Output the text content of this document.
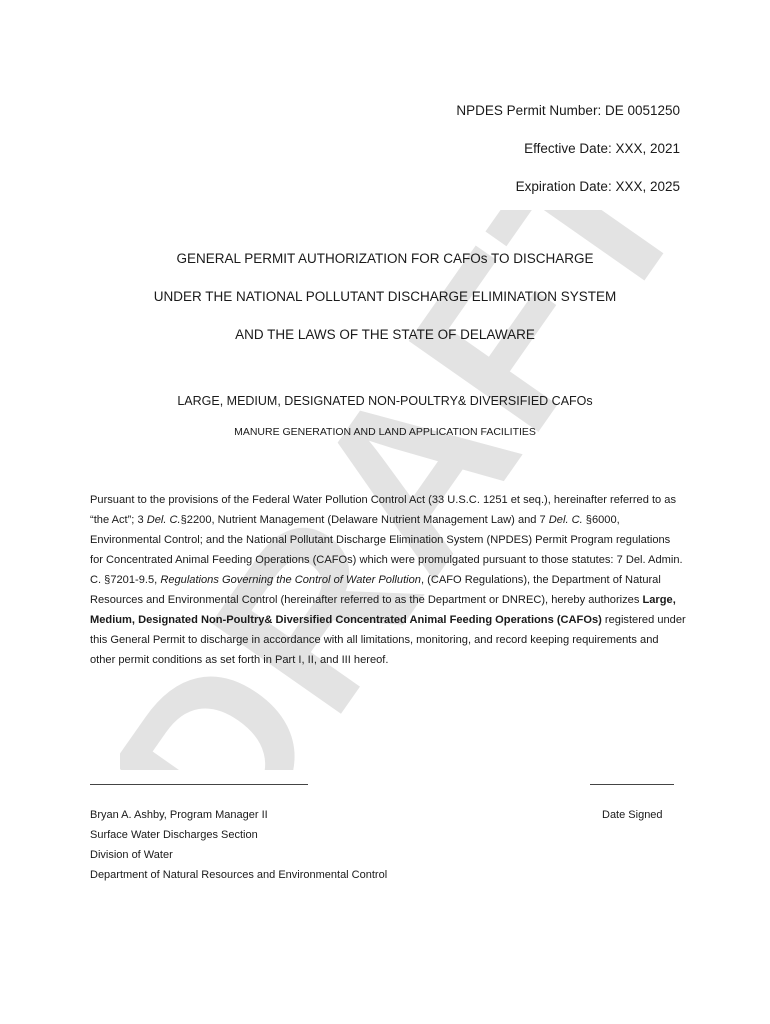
DRAFT
NPDES Permit Number: DE 0051250
Effective Date: XXX, 2021
Expiration Date: XXX, 2025
GENERAL PERMIT AUTHORIZATION FOR CAFOs TO DISCHARGE
UNDER THE NATIONAL POLLUTANT DISCHARGE ELIMINATION SYSTEM
AND THE LAWS OF THE STATE OF DELAWARE
LARGE, MEDIUM, DESIGNATED NON-POULTRY& DIVERSIFIED CAFOs
MANURE GENERATION AND LAND APPLICATION FACILITIES
Pursuant to the provisions of the Federal Water Pollution Control Act (33 U.S.C. 1251 et seq.), hereinafter referred to as “the Act”; 3 Del. C.§2200, Nutrient Management (Delaware Nutrient Management Law) and 7 Del. C. §6000, Environmental Control; and the National Pollutant Discharge Elimination System (NPDES) Permit Program regulations for Concentrated Animal Feeding Operations (CAFOs) which were promulgated pursuant to those statutes: 7 Del. Admin. C. §7201-9.5, Regulations Governing the Control of Water Pollution, (CAFO Regulations), the Department of Natural Resources and Environmental Control (hereinafter referred to as the Department or DNREC), hereby authorizes Large, Medium, Designated Non-Poultry& Diversified Concentrated Animal Feeding Operations (CAFOs) registered under this General Permit to discharge in accordance with all limitations, monitoring, and record keeping requirements and other permit conditions as set forth in Part I, II, and III hereof.
Bryan A. Ashby, Program Manager II
Surface Water Discharges Section
Division of Water
Department of Natural Resources and Environmental Control
Date Signed
